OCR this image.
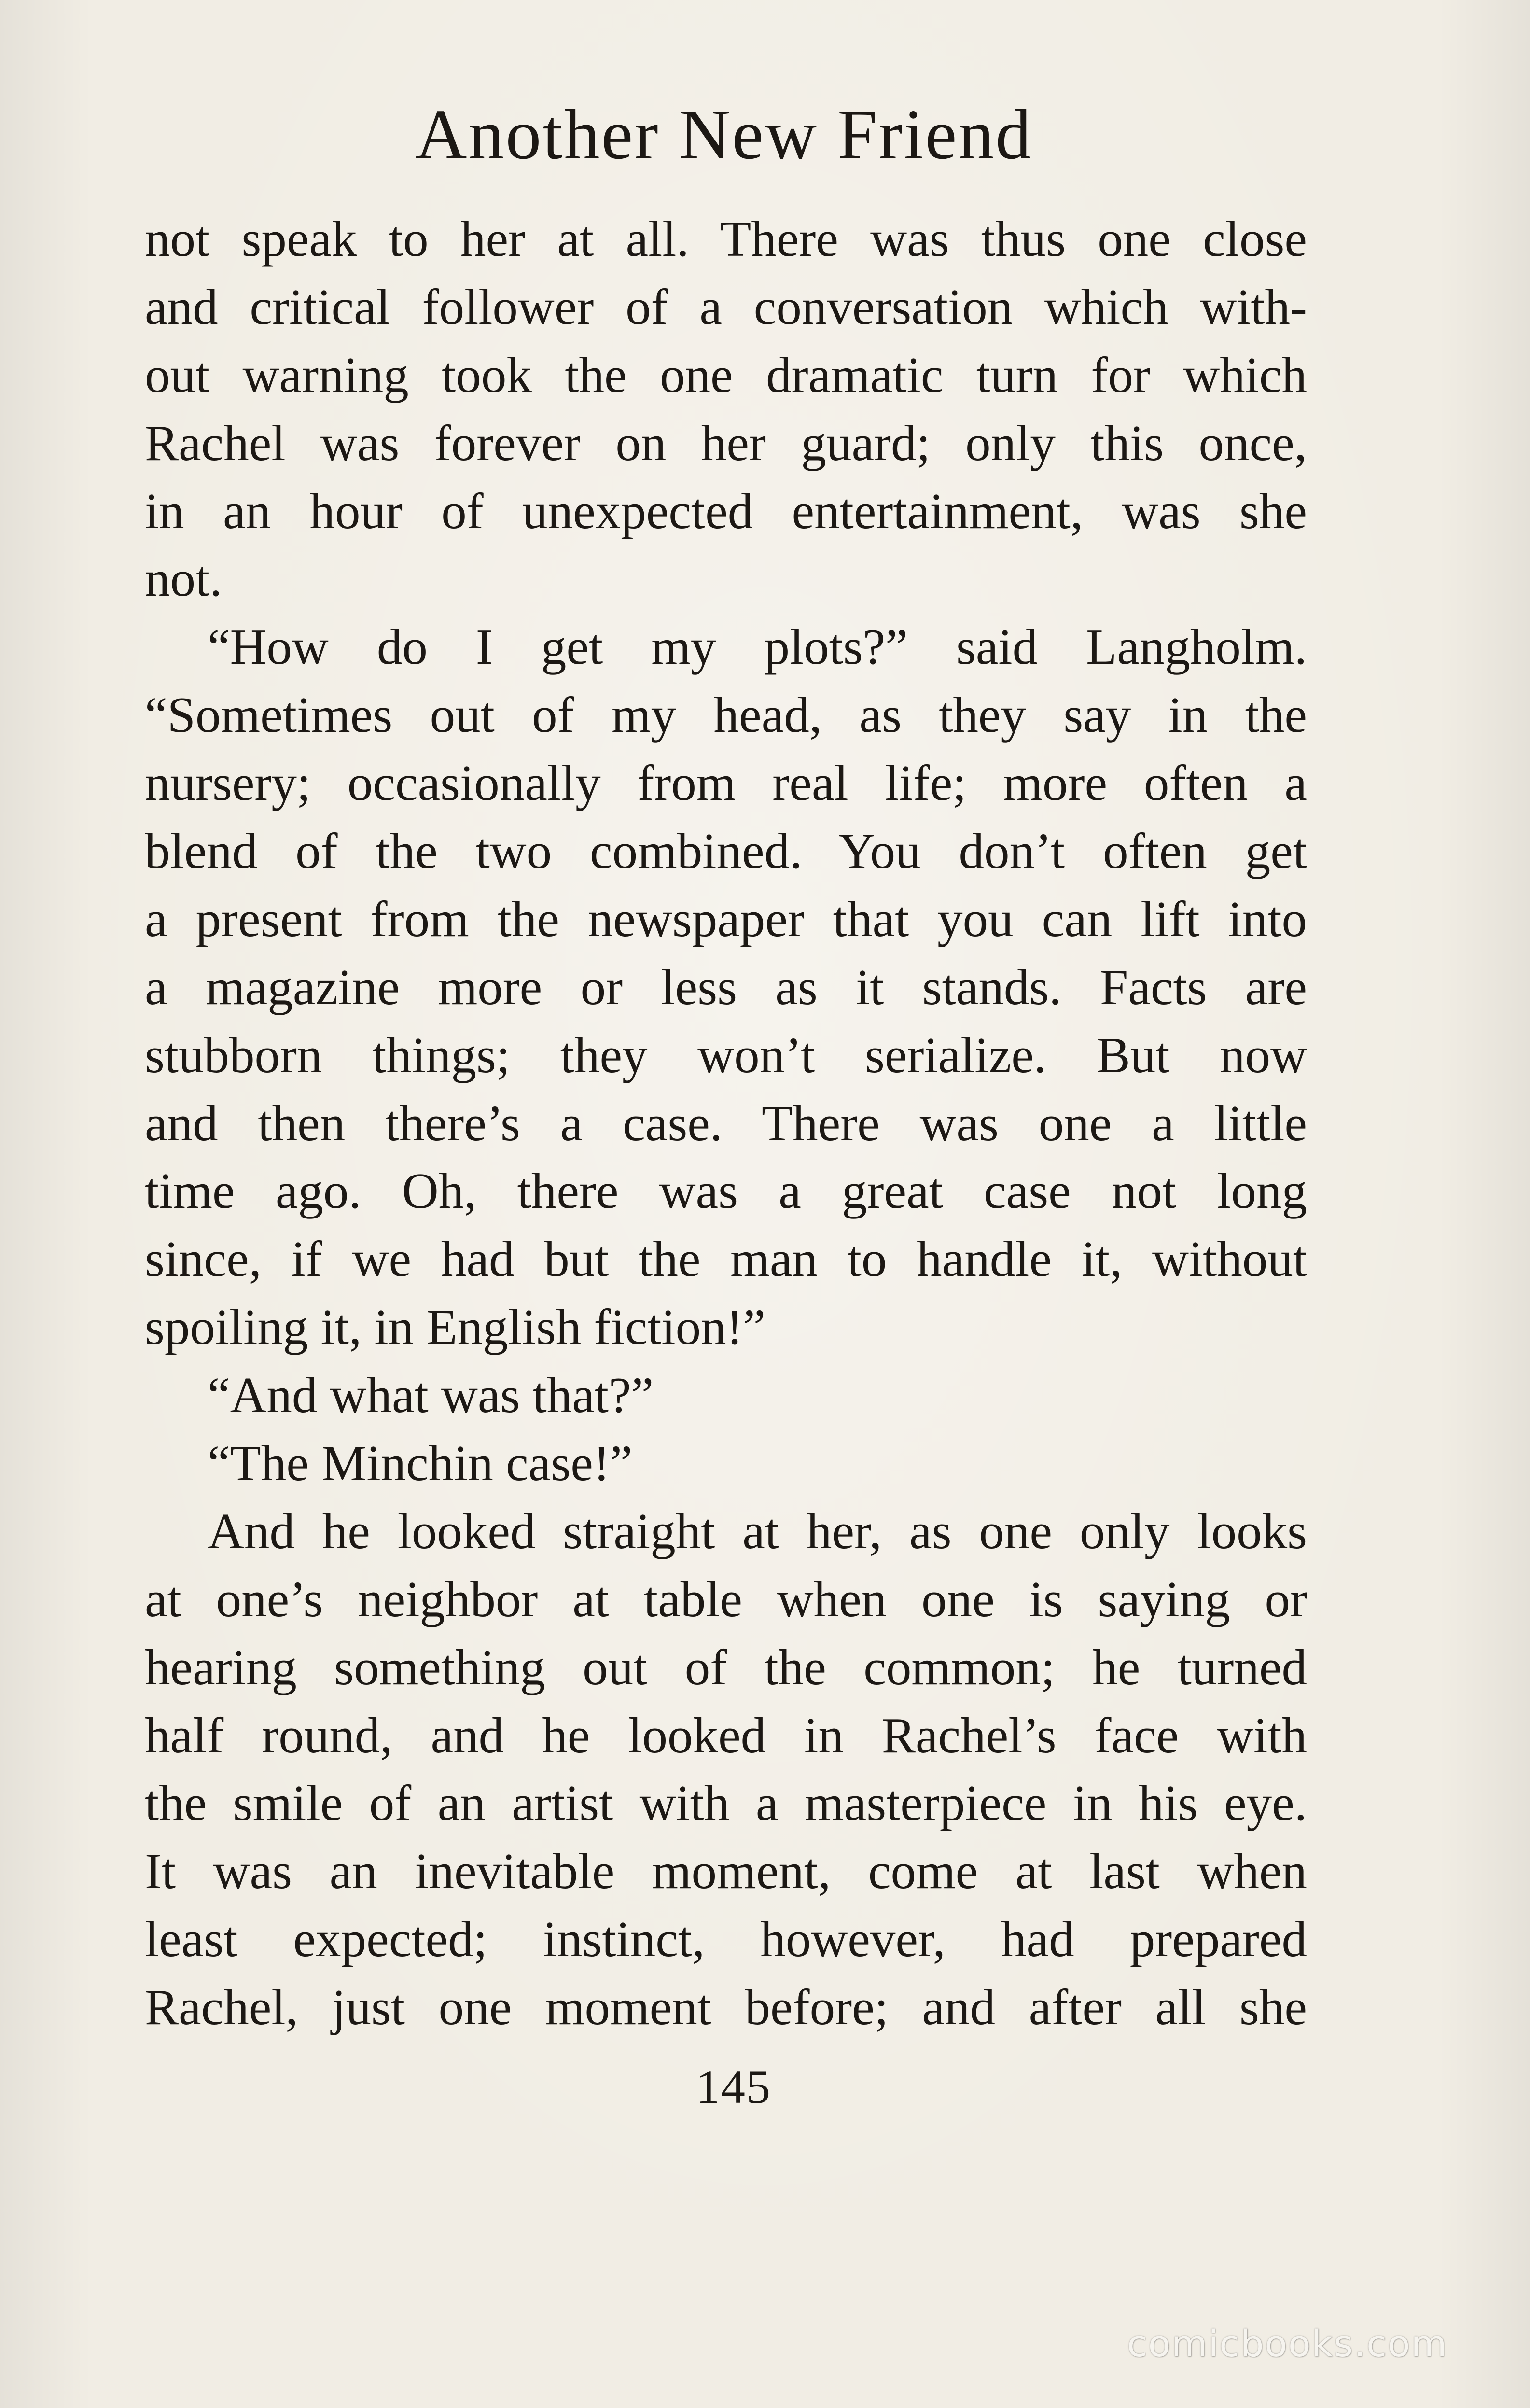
Another New Friend
not speak to her at all. There was thus one close
and critical follower of a conversation which with-
out warning took the one dramatic turn for which
Rachel was forever on her guard; only this once,
in an hour of unexpected entertainment, was she
not.
“How do I get my plots?” said Langholm.
“Sometimes out of my head, as they say in the
nursery; occasionally from real life; more often a
blend of the two combined. You don’t often get
a present from the newspaper that you can lift into
a magazine more or less as it stands. Facts are
stubborn things; they won’t serialize. But now
and then there’s a case. There was one a little
time ago. Oh, there was a great case not long
since, if we had but the man to handle it, without
spoiling it, in English fiction!”
“And what was that?”
“The Minchin case!”
And he looked straight at her, as one only looks
at one’s neighbor at table when one is saying or
hearing something out of the common; he turned
half round, and he looked in Rachel’s face with
the smile of an artist with a masterpiece in his eye.
It was an inevitable moment, come at last when
least expected; instinct, however, had prepared
Rachel, just one moment before; and after all she
145
comicbooks.com
